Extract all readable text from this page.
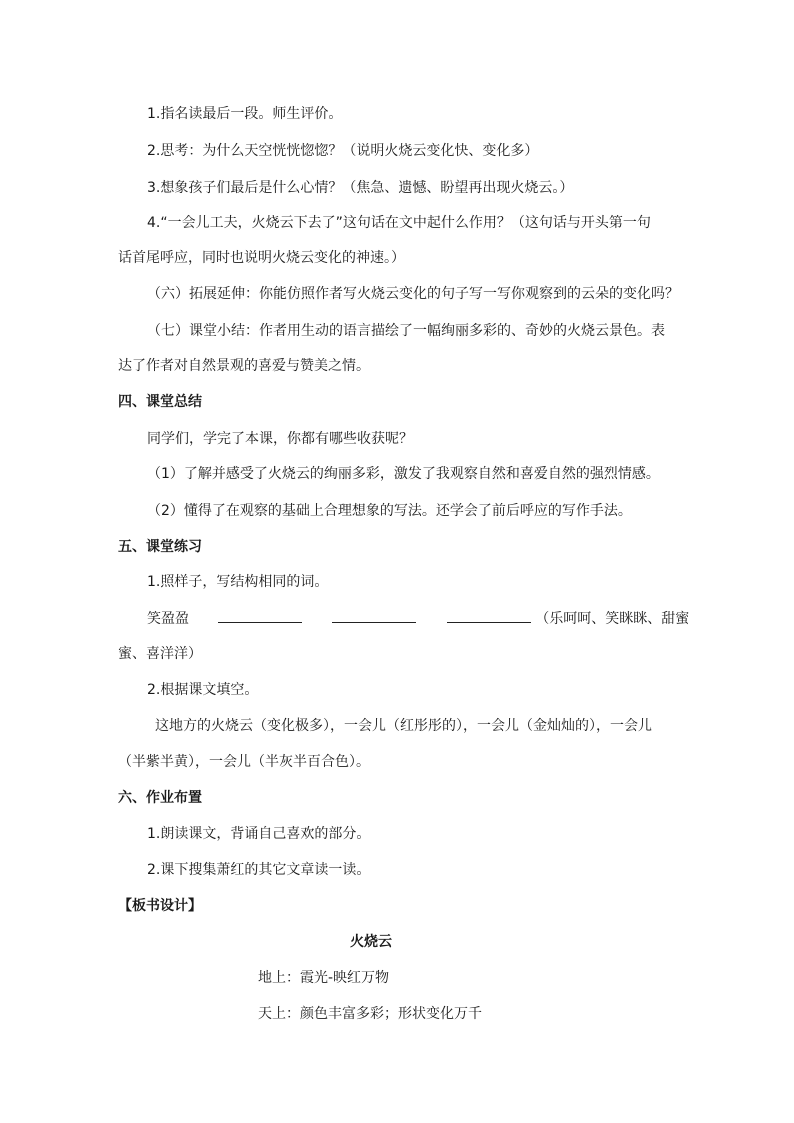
1.指名读最后一段。师生评价。
2.思考：为什么天空恍恍惚惚？（说明火烧云变化快、变化多）
3.想象孩子们最后是什么心情？（焦急、遗憾、盼望再出现火烧云。）
4.“一会儿工夫，火烧云下去了”这句话在文中起什么作用？（这句话与开头第一句
话首尾呼应，同时也说明火烧云变化的神速。）
（六）拓展延伸：你能仿照作者写火烧云变化的句子写一写你观察到的云朵的变化吗？
（七）课堂小结：作者用生动的语言描绘了一幅绚丽多彩的、奇妙的火烧云景色。表
达了作者对自然景观的喜爱与赞美之情。
四、课堂总结
同学们，学完了本课，你都有哪些收获呢？
（1）了解并感受了火烧云的绚丽多彩，激发了我观察自然和喜爱自然的强烈情感。
（2）懂得了在观察的基础上合理想象的写法。还学会了前后呼应的写作手法。
五、课堂练习
1.照样子，写结构相同的词。
笑盈盈	（乐呵呵、笑眯眯、甜蜜
蜜、喜洋洋）
2.根据课文填空。
这地方的火烧云（变化极多），一会儿（红彤彤的），一会儿（金灿灿的），一会儿
（半紫半黄），一会儿（半灰半百合色）。
六、作业布置
1.朗读课文，背诵自己喜欢的部分。
2.课下搜集萧红的其它文章读一读。
【板书设计】
火烧云
地上：霞光-映红万物
天上：颜色丰富多彩；形状变化万千
